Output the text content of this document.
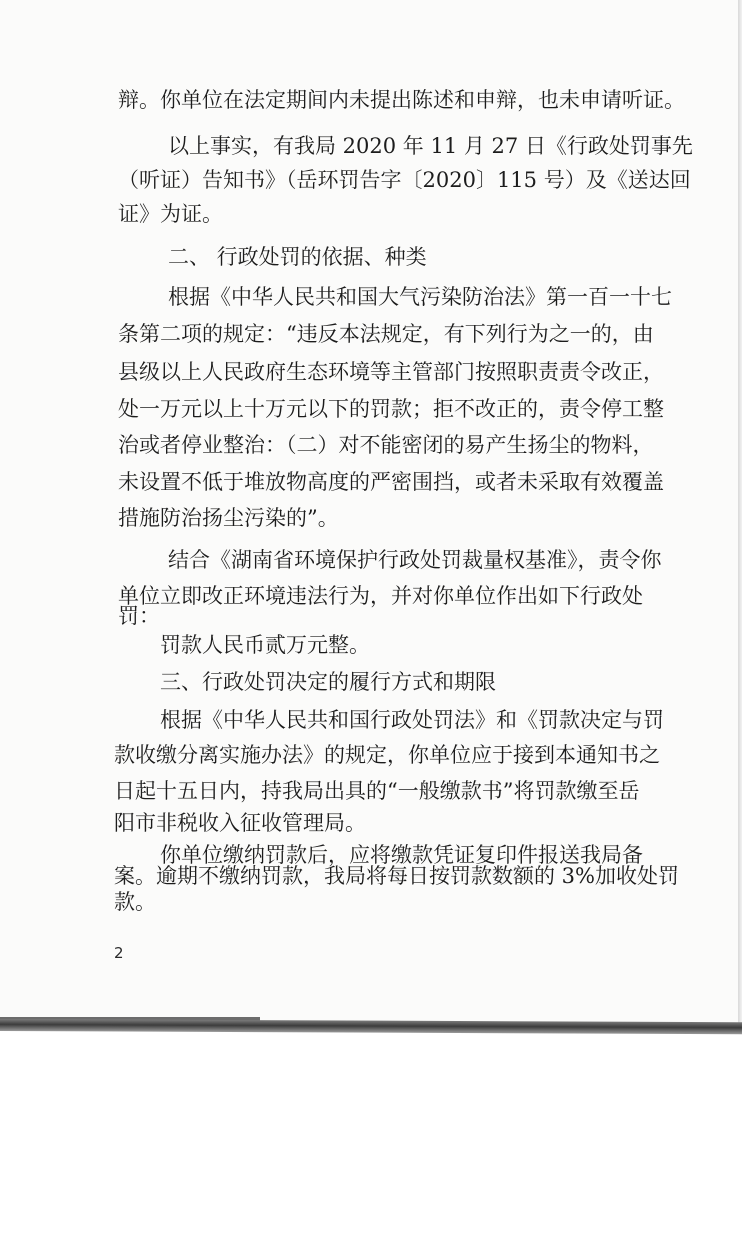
辩。你单位在法定期间内未提出陈述和申辩，也未申请听证。
以上事实，有我局 2020 年 11 月 27 日《行政处罚事先
（听证）告知书》（岳环罚告字〔2020〕115 号）及《送达回
证》为证。
二、 行政处罚的依据、种类
根据《中华人民共和国大气污染防治法》第一百一十七
条第二项的规定：“违反本法规定，有下列行为之一的，由
县级以上人民政府生态环境等主管部门按照职责责令改正，
处一万元以上十万元以下的罚款；拒不改正的，责令停工整
治或者停业整治：（二）对不能密闭的易产生扬尘的物料，
未设置不低于堆放物高度的严密围挡，或者未采取有效覆盖
措施防治扬尘污染的”。
结合《湖南省环境保护行政处罚裁量权基准》，责令你
单位立即改正环境违法行为，并对你单位作出如下行政处
罚：
罚款人民币贰万元整。
三、行政处罚决定的履行方式和期限
根据《中华人民共和国行政处罚法》和《罚款决定与罚
款收缴分离实施办法》的规定，你单位应于接到本通知书之
日起十五日内，持我局出具的“一般缴款书”将罚款缴至岳
阳市非税收入征收管理局。
你单位缴纳罚款后，应将缴款凭证复印件报送我局备
案。逾期不缴纳罚款，我局将每日按罚款数额的 3%加收处罚
款。
2
